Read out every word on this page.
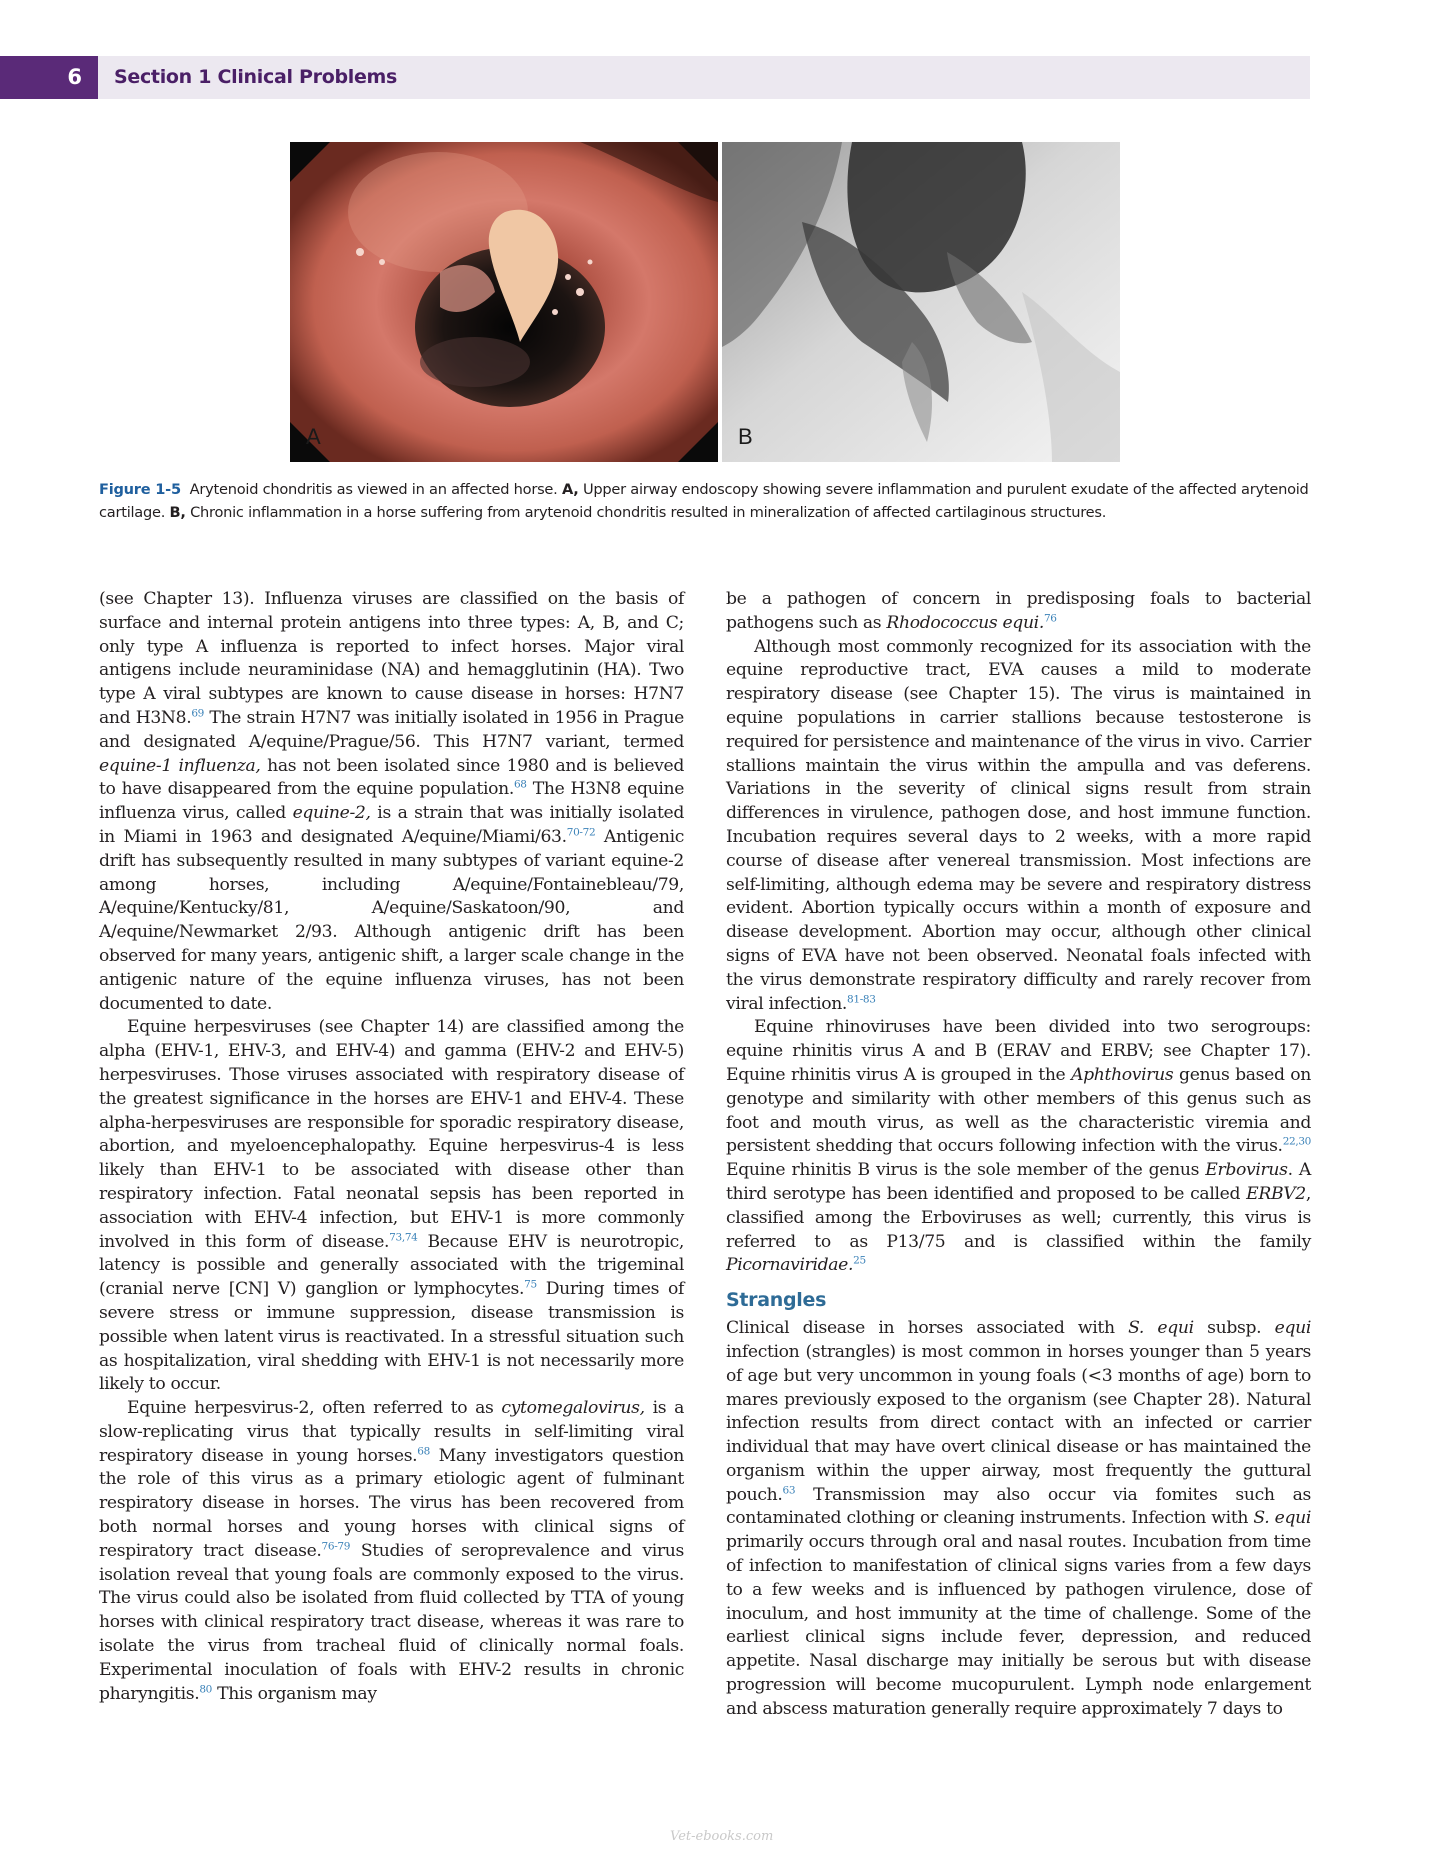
6	Section 1 Clinical Problems
A	B
Figure 1-5 Arytenoid chondritis as viewed in an affected horse. A, Upper airway endoscopy showing severe inflammation and purulent exudate of the affected arytenoid cartilage. B, Chronic inflammation in a horse suffering from arytenoid chondritis resulted in mineralization of affected cartilaginous structures.

(see Chapter 13). Influenza viruses are classified on the basis of surface and internal protein antigens into three types: A, B, and C; only type A influenza is reported to infect horses. Major viral antigens include neuraminidase (NA) and hemagglutinin (HA). Two type A viral subtypes are known to cause disease in horses: H7N7 and H3N8.69 The strain H7N7 was initially isolated in 1956 in Prague and designated A/equine/Prague/56. This H7N7 variant, termed equine-1 influenza, has not been isolated since 1980 and is believed to have disappeared from the equine population.$^{68}$ The H3N8 equine influenza virus, called equine-2, is a strain that was initially isolated in Miami in 1963 and designated A/equine/Miami/63.$^{70-72}$ Antigenic drift has subsequently resulted in many subtypes of variant equine-2 among horses, including A/equine/Fontainebleau/79, A/equine/Kentucky/81, A/equine/Saskatoon/90, and A/equine/Newmarket 2/93. Although antigenic drift has been observed for many years, antigenic shift, a larger scale change in the antigenic nature of the equine influenza viruses, has not been documented to date.

Equine herpesviruses (see Chapter 14) are classified among the alpha (EHV-1, EHV-3, and EHV-4) and gamma (EHV-2 and EHV-5) herpesviruses. Those viruses associated with respiratory disease of the greatest significance in the horses are EHV-1 and EHV-4. These alpha-herpesviruses are responsible for sporadic respiratory disease, abortion, and myeloencephalopathy. Equine herpesvirus-4 is less likely than EHV-1 to be associated with disease other than respiratory infection. Fatal neonatal sepsis has been reported in association with EHV-4 infection, but EHV-1 is more commonly involved in this form of disease.$^{73,74}$ Because EHV is neurotropic, latency is possible and generally associated with the trigeminal (cranial nerve [CN] V) ganglion or lymphocytes.$^{75}$ During times of severe stress or immune suppression, disease transmission is possible when latent virus is reactivated. In a stressful situation such as hospitalization, viral shedding with EHV-1 is not necessarily more likely to occur.

Equine herpesvirus-2, often referred to as cytomegalovirus, is a slow-replicating virus that typically results in self-limiting viral respiratory disease in young horses.$^{68}$ Many investigators question the role of this virus as a primary etiologic agent of fulminant respiratory disease in horses. The virus has been recovered from both normal horses and young horses with clinical signs of respiratory tract disease.$^{76-79}$ Studies of seroprevalence and virus isolation reveal that young foals are commonly exposed to the virus. The virus could also be isolated from fluid collected by TTA of young horses with clinical respiratory tract disease, whereas it was rare to isolate the virus from tracheal fluid of clinically normal foals. Experimental inoculation of foals with EHV-2 results in chronic pharyngitis.$^{80}$ This organism may

be a pathogen of concern in predisposing foals to bacterial pathogens such as Rhodococcus equi.$^{76}$

Although most commonly recognized for its association with the equine reproductive tract, EVA causes a mild to moderate respiratory disease (see Chapter 15). The virus is maintained in equine populations in carrier stallions because testosterone is required for persistence and maintenance of the virus in vivo. Carrier stallions maintain the virus within the ampulla and vas deferens. Variations in the severity of clinical signs result from strain differences in virulence, pathogen dose, and host immune function. Incubation requires several days to 2 weeks, with a more rapid course of disease after venereal transmission. Most infections are self-limiting, although edema may be severe and respiratory distress evident. Abortion typically occurs within a month of exposure and disease development. Abortion may occur, although other clinical signs of EVA have not been observed. Neonatal foals infected with the virus demonstrate respiratory difficulty and rarely recover from viral infection.$^{81-83}$

Equine rhinoviruses have been divided into two serogroups: equine rhinitis virus A and B (ERAV and ERBV; see Chapter 17). Equine rhinitis virus A is grouped in the Aphthovirus genus based on genotype and similarity with other members of this genus such as foot and mouth virus, as well as the characteristic viremia and persistent shedding that occurs following infection with the virus.$^{22,30}$ Equine rhinitis B virus is the sole member of the genus Erbovirus. A third serotype has been identified and proposed to be called ERBV2, classified among the Erboviruses as well; currently, this virus is referred to as P13/75 and is classified within the family Picornaviridae.$^{25}$

Strangles

Clinical disease in horses associated with S. equi subsp. equi infection (strangles) is most common in horses younger than 5 years of age but very uncommon in young foals (<3 months of age) born to mares previously exposed to the organism (see Chapter 28). Natural infection results from direct contact with an infected or carrier individual that may have overt clinical disease or has maintained the organism within the upper airway, most frequently the guttural pouch.$^{63}$ Transmission may also occur via fomites such as contaminated clothing or cleaning instruments. Infection with S. equi primarily occurs through oral and nasal routes. Incubation from time of infection to manifestation of clinical signs varies from a few days to a few weeks and is influenced by pathogen virulence, dose of inoculum, and host immunity at the time of challenge. Some of the earliest clinical signs include fever, depression, and reduced appetite. Nasal discharge may initially be serous but with disease progression will become mucopurulent. Lymph node enlargement and abscess maturation generally require approximately 7 days to

Vet-ebooks.com
